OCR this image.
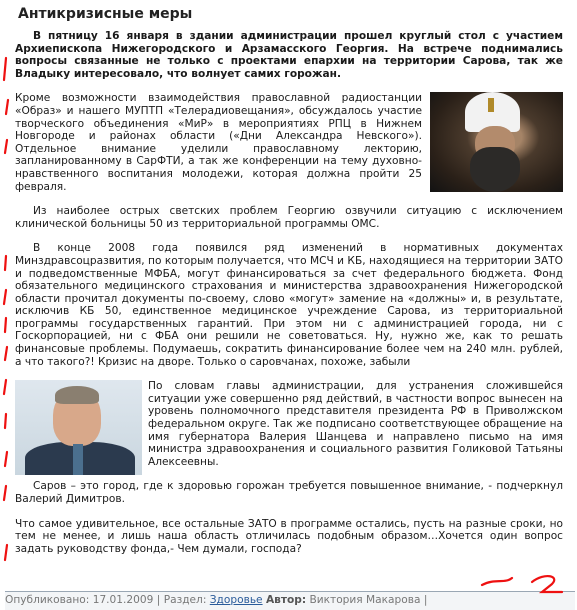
Антикризисные меры

В пятницу 16 января в здании администрации прошел круглый стол с участием Архиепископа Нижегородского и Арзамасского Георгия. На встрече поднимались вопросы связанные не только с проектами епархии на территории Сарова, так же Владыку интересовало, что волнует самих горожан.

Кроме возможности взаимодействия православной радиостанции «Образ» и нашего МУПТП «Телерадиовещания», обсуждалось участие творческого объединения «МиР» в мероприятиях РПЦ в Нижнем Новгороде и районах области («Дни Александра Невского»). Отдельное внимание уделили православному лекторию, запланированному в СарФТИ, а так же конференции на тему духовно-нравственного воспитания молодежи, которая должна пройти 25 февраля.

Из наиболее острых светских проблем Георгию озвучили ситуацию с исключением клинической больницы 50 из территориальной программы ОМС.

В конце 2008 года появился ряд изменений в нормативных документах Минздравсоцразвития, по которым получается, что МСЧ и КБ, находящиеся на территории ЗАТО и подведомственные МФБА, могут финансироваться за счет федерального бюджета. Фонд обязательного медицинского страхования и министерства здравоохранения Нижегородской области прочитал документы по-своему, слово «могут» замение на «должны» и, в результате, исключив КБ 50, единственное медицинское учреждение Сарова, из территориальной программы государственных гарантий. При этом ни с администрацией города, ни с Госкорпорацией, ни с ФБА они решили не советоваться. Ну, нужно же, как то решать финансовые проблемы. Подумаешь, сократить финансирование более чем на 240 млн. рублей, а что такого?! Кризис на дворе. Только о саровчанах, похоже, забыли

По словам главы администрации, для устранения сложившейся ситуации уже совершенно ряд действий, в частности вопрос вынесен на уровень полномочного представителя президента РФ в Приволжском федеральном округе. Так же подписано соответствующее обращение на имя губернатора Валерия Шанцева и направлено письмо на имя министра здравоохранения и социального развития Голиковой Татьяны Алексеевны.

Саров – это город, где к здоровью горожан требуется повышенное внимание, - подчеркнул Валерий Димитров.

Что самое удивительное, все остальные ЗАТО в программе остались, пусть на разные сроки, но тем не менее, и лишь наша область отличилась подобным образом…Хочется один вопрос задать руководству фонда,- Чем думали, господа?

Опубликовано: 17.01.2009 | Раздел: Здоровье Автор: Виктория Макарова |
